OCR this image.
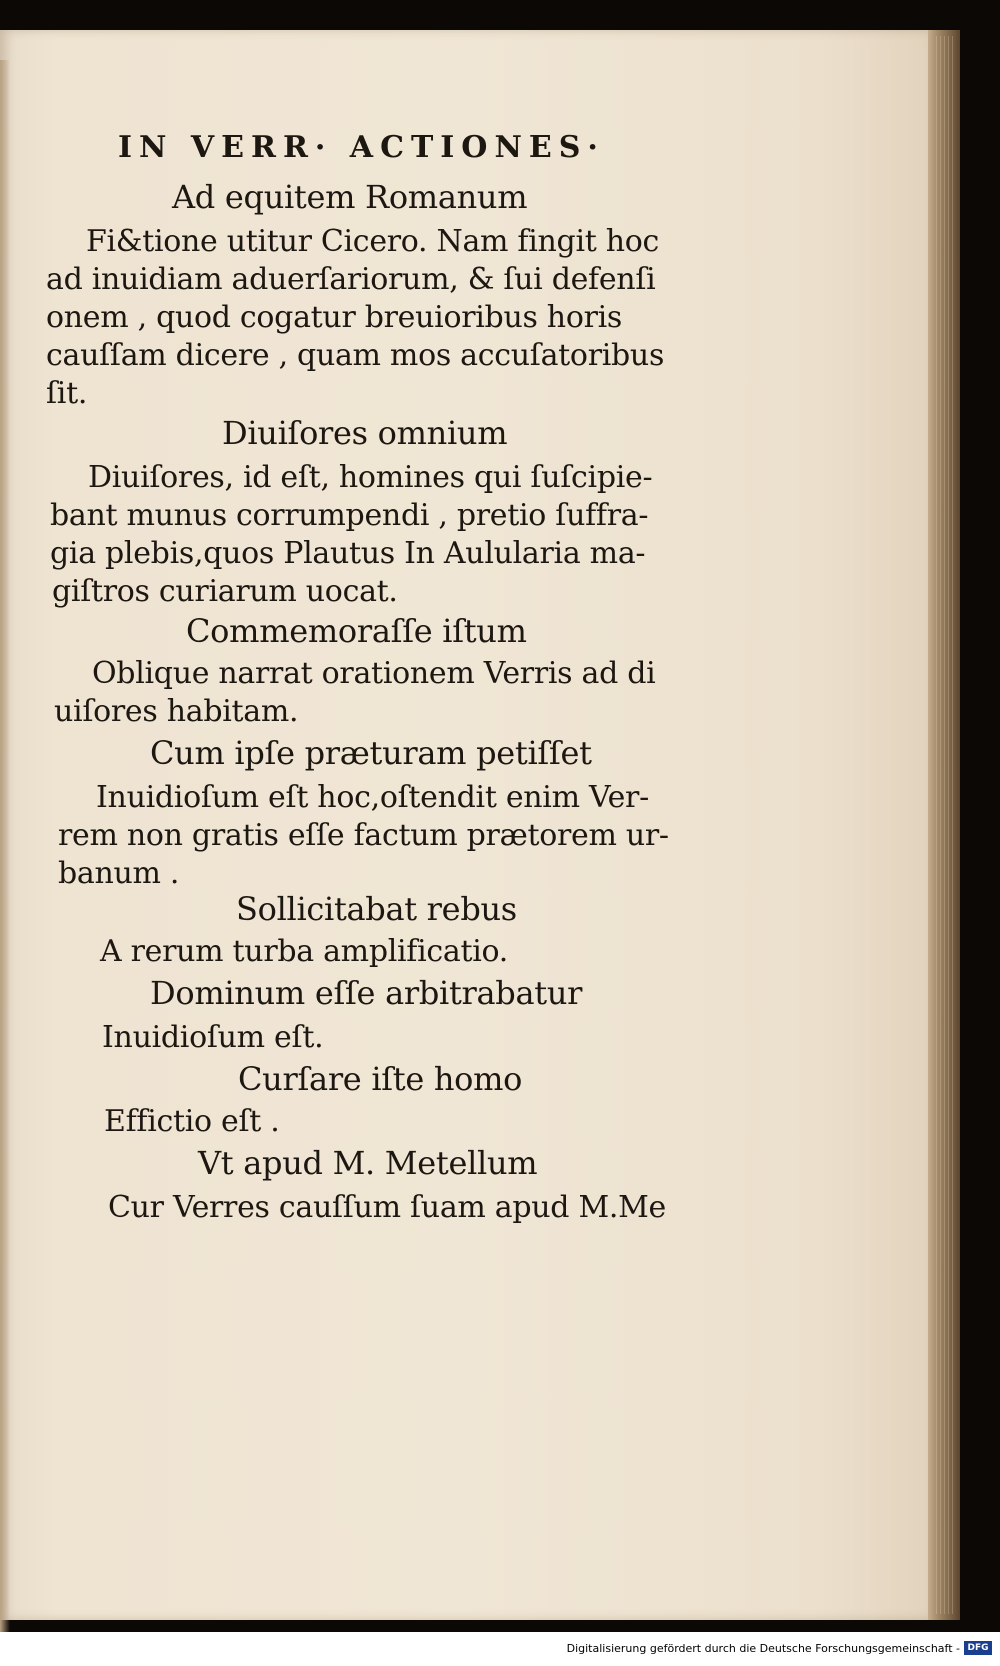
IN VERR· ACTIONES·
Ad equitem Romanum
Fi&tione utitur Cicero. Nam fingit hoc
ad inuidiam aduerſariorum, & ſui defenſi
onem , quod cogatur breuioribus horis
cauſſam dicere , quam mos accuſatoribus
ſit.
Diuiſores omnium
Diuiſores, id eſt, homines qui ſuſcipie-
bant munus corrumpendi , pretio ſuffra-
gia plebis,quos Plautus In Aulularia ma-
giſtros curiarum uocat.
Commemoraſſe iſtum
Oblique narrat orationem Verris ad di
uiſores habitam.
Cum ipſe præturam petiſſet
Inuidioſum eſt hoc,oſtendit enim Ver-
rem non gratis eſſe factum prætorem ur-
banum .
Sollicitabat rebus
A rerum turba amplificatio.
Dominum eſſe arbitrabatur
Inuidioſum eſt.
Curſare iſte homo
Effictio eſt .
Vt apud M. Metellum
Cur Verres cauſſum ſuam apud M.Me
Digitalisierung gefördert durch die Deutsche Forschungsgemeinschaft - DFG
